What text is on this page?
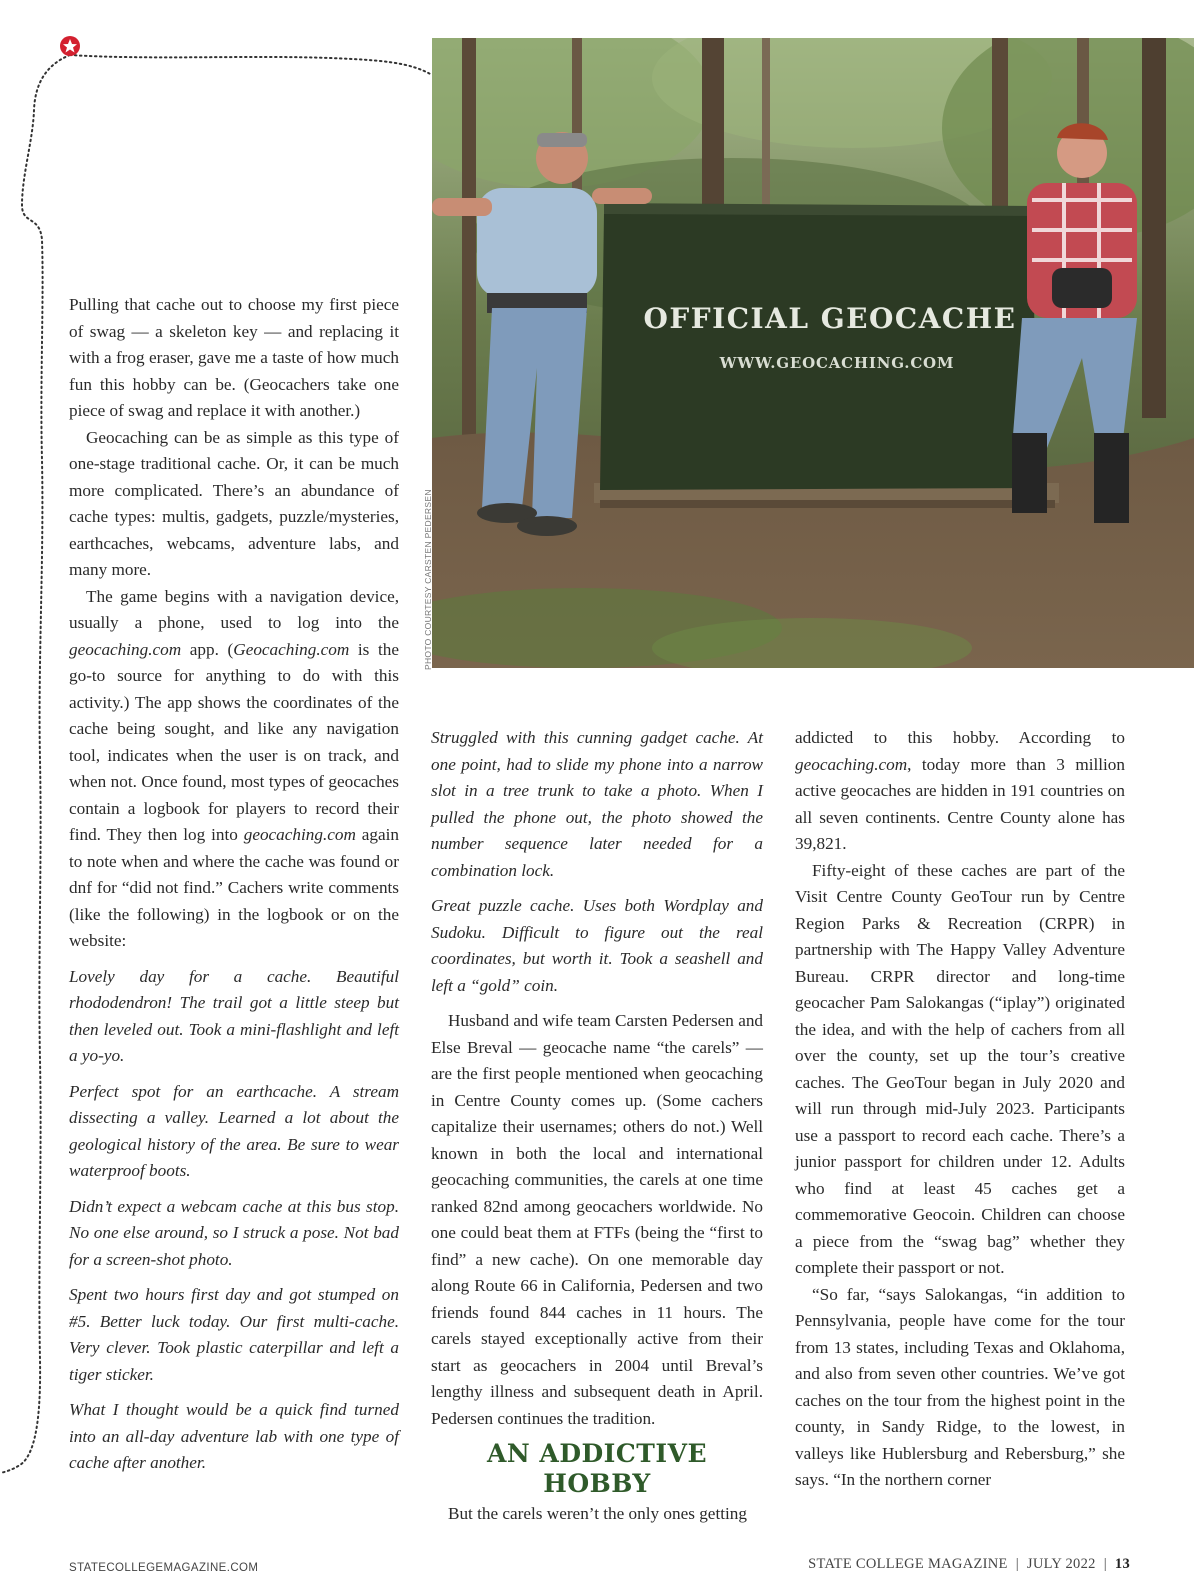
OFFICIAL GEOCACHE
WWW.GEOCACHING.COM
PHOTO COURTESY CARSTEN PEDERSEN

Pulling that cache out to choose my first piece of swag — a skeleton key — and replacing it with a frog eraser, gave me a taste of how much fun this hobby can be. (Geocachers take one piece of swag and replace it with another.)

Geocaching can be as simple as this type of one-stage traditional cache. Or, it can be much more complicated. There’s an abundance of cache types: multis, gadgets, puzzle/mysteries, earthcaches, webcams, adventure labs, and many more.

The game begins with a navigation device, usually a phone, used to log into the geocaching.com app. (Geocaching.com is the go-to source for anything to do with this activity.) The app shows the coordinates of the cache being sought, and like any navigation tool, indicates when the user is on track, and when not. Once found, most types of geocaches contain a logbook for players to record their find. They then log into geocaching.com again to note when and where the cache was found or dnf for “did not find.” Cachers write comments (like the following) in the logbook or on the website:

Lovely day for a cache. Beautiful rhododendron! The trail got a little steep but then leveled out. Took a mini-flashlight and left a yo-yo.

Perfect spot for an earthcache. A stream dissecting a valley. Learned a lot about the geological history of the area. Be sure to wear waterproof boots.

Didn’t expect a webcam cache at this bus stop. No one else around, so I struck a pose. Not bad for a screen-shot photo.

Spent two hours first day and got stumped on #5. Better luck today. Our first multi-cache. Very clever. Took plastic caterpillar and left a tiger sticker.

What I thought would be a quick find turned into an all-day adventure lab with one type of cache after another.

Struggled with this cunning gadget cache. At one point, had to slide my phone into a narrow slot in a tree trunk to take a photo. When I pulled the phone out, the photo showed the number sequence later needed for a combination lock.

Great puzzle cache. Uses both Wordplay and Sudoku. Difficult to figure out the real coordinates, but worth it. Took a seashell and left a “gold” coin.

Husband and wife team Carsten Pedersen and Else Breval — geocache name “the carels” — are the first people mentioned when geocaching in Centre County comes up. (Some cachers capitalize their usernames; others do not.) Well known in both the local and international geocaching communities, the carels at one time ranked 82nd among geocachers worldwide. No one could beat them at FTFs (being the “first to find” a new cache). On one memorable day along Route 66 in California, Pedersen and two friends found 844 caches in 11 hours. The carels stayed exceptionally active from their start as geocachers in 2004 until Breval’s lengthy illness and subsequent death in April. Pedersen continues the tradition.

AN ADDICTIVE HOBBY

But the carels weren’t the only ones getting

addicted to this hobby. According to geocaching.com, today more than 3 million active geocaches are hidden in 191 countries on all seven continents. Centre County alone has 39,821.

Fifty-eight of these caches are part of the Visit Centre County GeoTour run by Centre Region Parks & Recreation (CRPR) in partnership with The Happy Valley Adventure Bureau. CRPR director and long-time geocacher Pam Salokangas (“iplay”) originated the idea, and with the help of cachers from all over the county, set up the tour’s creative caches. The GeoTour began in July 2020 and will run through mid-July 2023. Participants use a passport to record each cache. There’s a junior passport for children under 12. Adults who find at least 45 caches get a commemorative Geocoin. Children can choose a piece from the “swag bag” whether they complete their passport or not.

“So far, “says Salokangas, “in addition to Pennsylvania, people have come for the tour from 13 states, including Texas and Oklahoma, and also from seven other countries. We’ve got caches on the tour from the highest point in the county, in Sandy Ridge, to the lowest, in valleys like Hublersburg and Rebersburg,” she says. “In the northern corner

STATECOLLEGEMAGAZINE.COM	STATE COLLEGE MAGAZINE | JULY 2022 | 13
